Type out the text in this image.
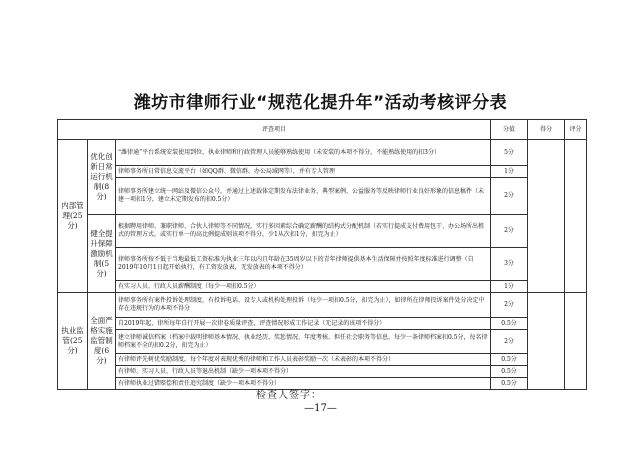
潍坊市律师行业“规范化提升年”活动考核评分表
评查项目			分值	得分	评分
内部管理(25分)	优化创新日常运行机制(8分)	“潍律通”平台系统安装使用到位，执业律师和行政管理人员能够熟练使用（未安装的本项不得分，不能熟练使用的扣3分）	5分		
		律师事务所日常信息交流平台（如QQ群、微信群、办公局域网等），并有专人管理	1分		
		律师事务所建立统一网站及微信公众号，并通过上述载体定期发布法律业务、典型案例、公益服务等反映律师行业良好形象的信息稿件（未建一项扣1分，建立未定期发布的扣0.5分）	2分		
	健全提升保障激励机制(5分)	根据聘用律师、兼职律师、合伙人律师等不同情况，实行多因素综合确定薪酬的结构式分配机制（若实行提成支付费用包干、办公场所出租式的管理方式，或实行单一的高比例提成则该项不得分，少1从次扣1分，扣完为止）	2分		
		律师事务所按不低于当地最低工资标准为执业三年以内且年龄在35周岁以下的青年律师提供基本生活保障并按照年度标准进行调整（自2019年10月1日起开始执行，有工资发放表，无发放表的本项不得分）	3分		
		有实习人员、行政人员薪酬制度（每少一项扣0.5分）	1分		
执业监管(25分)	全面严格实施监管制度(6分)	律师事务所有案件投诉处理制度，有投诉电话，设专人或机构处理投诉（每少一项扣0.5分，扣完为止），如律所在律师投诉案件处分决定中存在违规行为的本项不得分	2分		
		自2019年起，律所每年自行开展一次律卷质量评查，评查情况形成工作记录（无记录的该项不得分）	0.5分		
		建立律师诚信档案（档案中载明律师基本情况、执业经历、奖惩情况、年度考核、担任社会职务等信息，每少一条律师档案扣0.5分，每名律师档案不全的扣0.2分，扣完为止）	2分		
		有律师评先树优奖励制度，每个年度对表现优秀的律师和工作人员表彰奖励一次（未表彰的本项不得分）	0.5分		
		有律师、实习人员、行政人员等退出机制（缺少一项本项不得分）	0.5分		
		有律师执业过错赔偿和责任追究制度（缺少一项本项不得分）	0.5分		
检查人签字：
—17—
